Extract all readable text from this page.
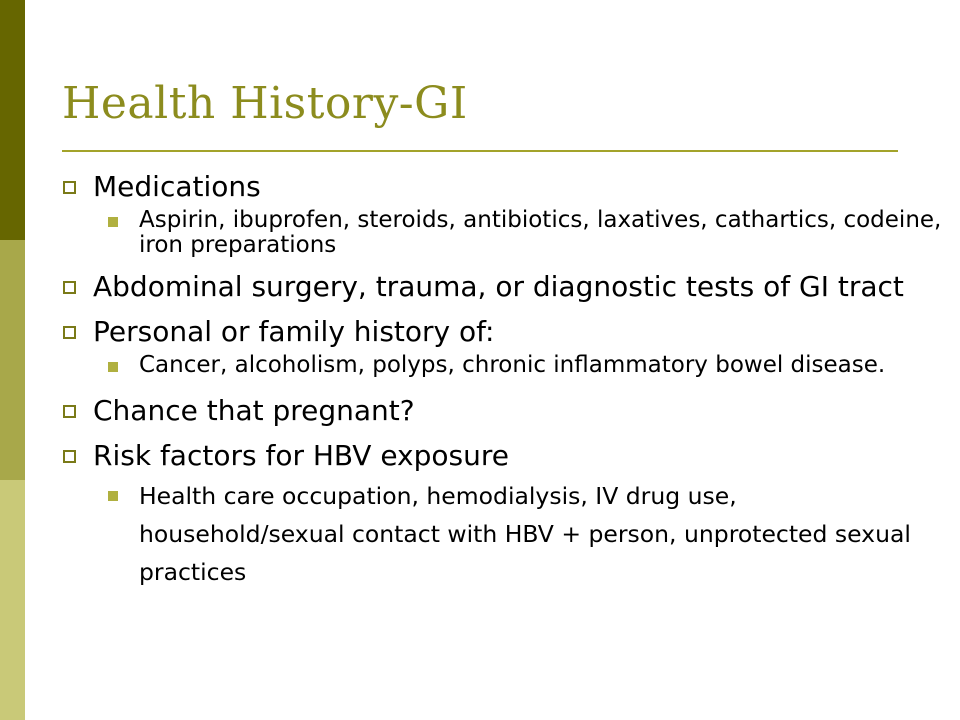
Health History-GI
Medications
Aspirin, ibuprofen, steroids, antibiotics, laxatives, cathartics, codeine, iron preparations
Abdominal surgery, trauma, or diagnostic tests of GI tract
Personal or family history of:
Cancer, alcoholism, polyps, chronic inflammatory bowel disease.
Chance that pregnant?
Risk factors for HBV exposure
Health care occupation, hemodialysis, IV drug use, household/sexual contact with HBV + person, unprotected sexual practices
